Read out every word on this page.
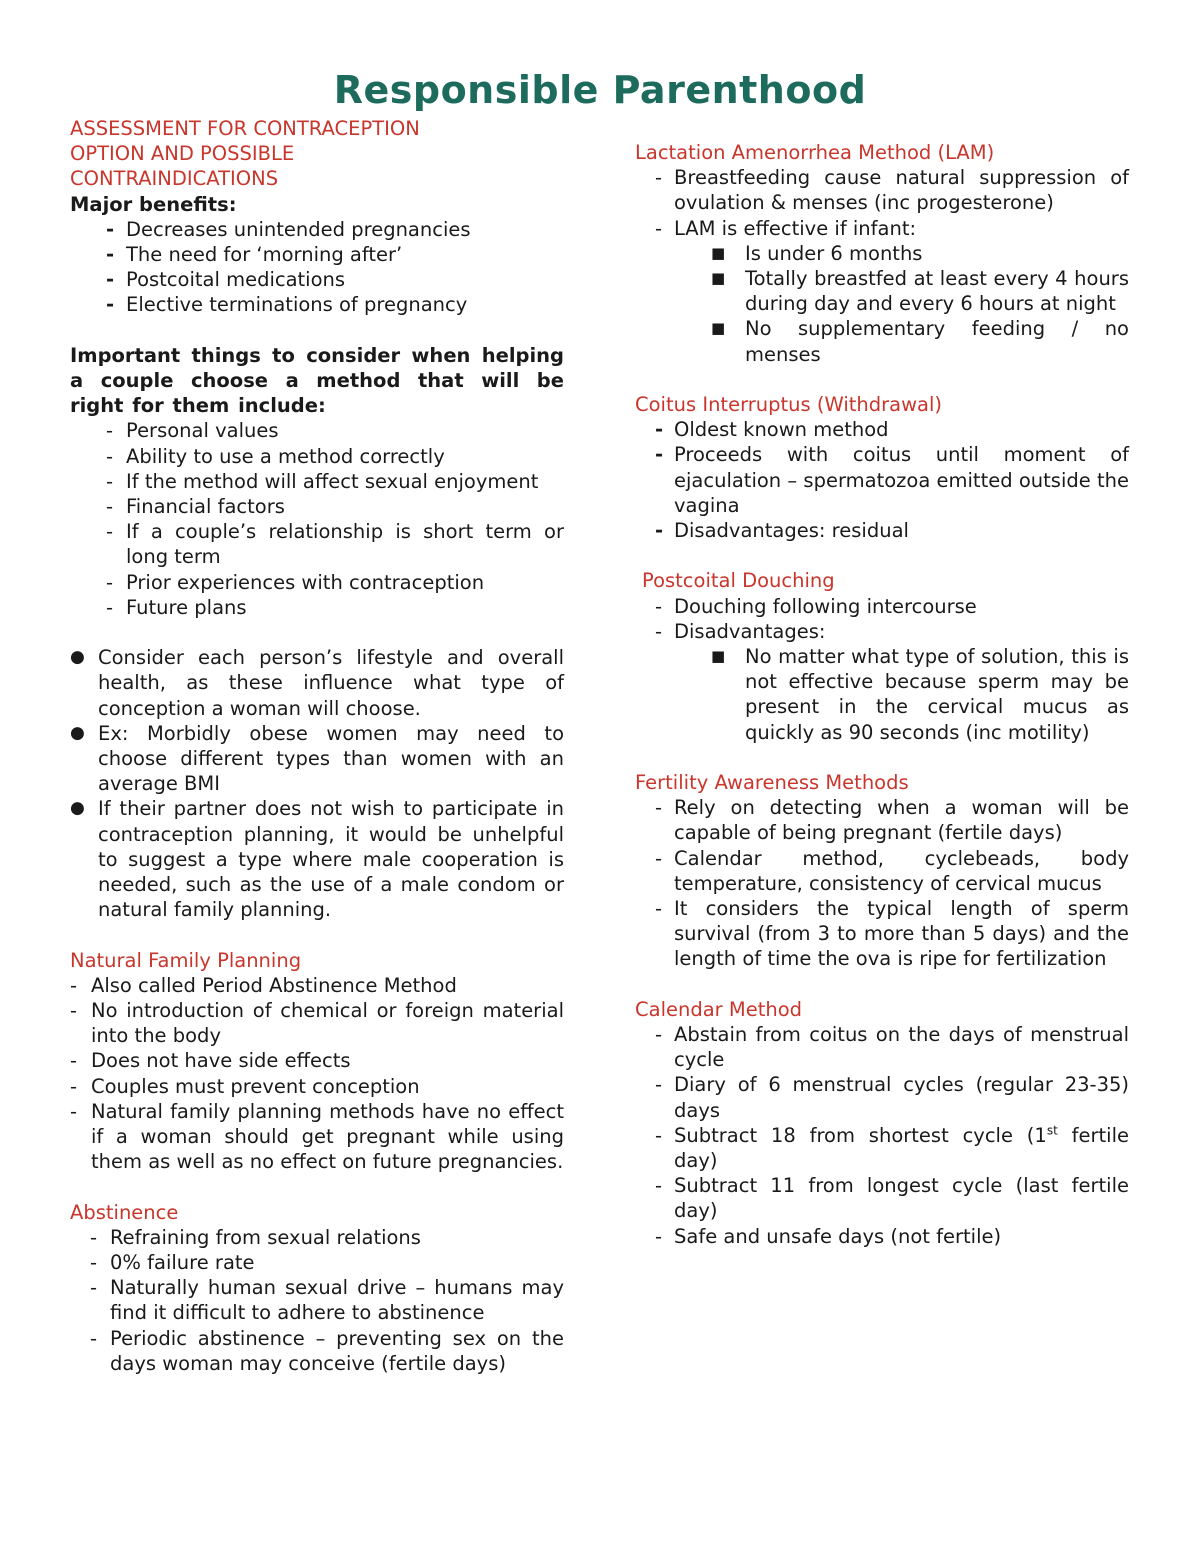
Responsible Parenthood
ASSESSMENT FOR CONTRACEPTION
OPTION AND POSSIBLE
CONTRAINDICATIONS
Major benefits:
- Decreases unintended pregnancies
- The need for ‘morning after’
- Postcoital medications
- Elective terminations of pregnancy
Important things to consider when helping a couple choose a method that will be right for them include:
- Personal values
- Ability to use a method correctly
- If the method will affect sexual enjoyment
- Financial factors
- If a couple’s relationship is short term or long term
- Prior experiences with contraception
- Future plans
● Consider each person’s lifestyle and overall health, as these influence what type of conception a woman will choose.
● Ex: Morbidly obese women may need to choose different types than women with an average BMI
● If their partner does not wish to participate in contraception planning, it would be unhelpful to suggest a type where male cooperation is needed, such as the use of a male condom or natural family planning.
Natural Family Planning
- Also called Period Abstinence Method
- No introduction of chemical or foreign material into the body
- Does not have side effects
- Couples must prevent conception
- Natural family planning methods have no effect if a woman should get pregnant while using them as well as no effect on future pregnancies.
Abstinence
- Refraining from sexual relations
- 0% failure rate
- Naturally human sexual drive – humans may find it difficult to adhere to abstinence
- Periodic abstinence – preventing sex on the days woman may conceive (fertile days)
Lactation Amenorrhea Method (LAM)
- Breastfeeding cause natural suppression of ovulation & menses (inc progesterone)
- LAM is effective if infant:
■ Is under 6 months
■ Totally breastfed at least every 4 hours during day and every 6 hours at night
■ No supplementary feeding / no menses
Coitus Interruptus (Withdrawal)
- Oldest known method
- Proceeds with coitus until moment of ejaculation – spermatozoa emitted outside the vagina
- Disadvantages: residual
Postcoital Douching
- Douching following intercourse
- Disadvantages:
■ No matter what type of solution, this is not effective because sperm may be present in the cervical mucus as quickly as 90 seconds (inc motility)
Fertility Awareness Methods
- Rely on detecting when a woman will be capable of being pregnant (fertile days)
- Calendar method, cyclebeads, body temperature, consistency of cervical mucus
- It considers the typical length of sperm survival (from 3 to more than 5 days) and the length of time the ova is ripe for fertilization
Calendar Method
- Abstain from coitus on the days of menstrual cycle
- Diary of 6 menstrual cycles (regular 23-35) days
- Subtract 18 from shortest cycle (1st fertile day)
- Subtract 11 from longest cycle (last fertile day)
- Safe and unsafe days (not fertile)
